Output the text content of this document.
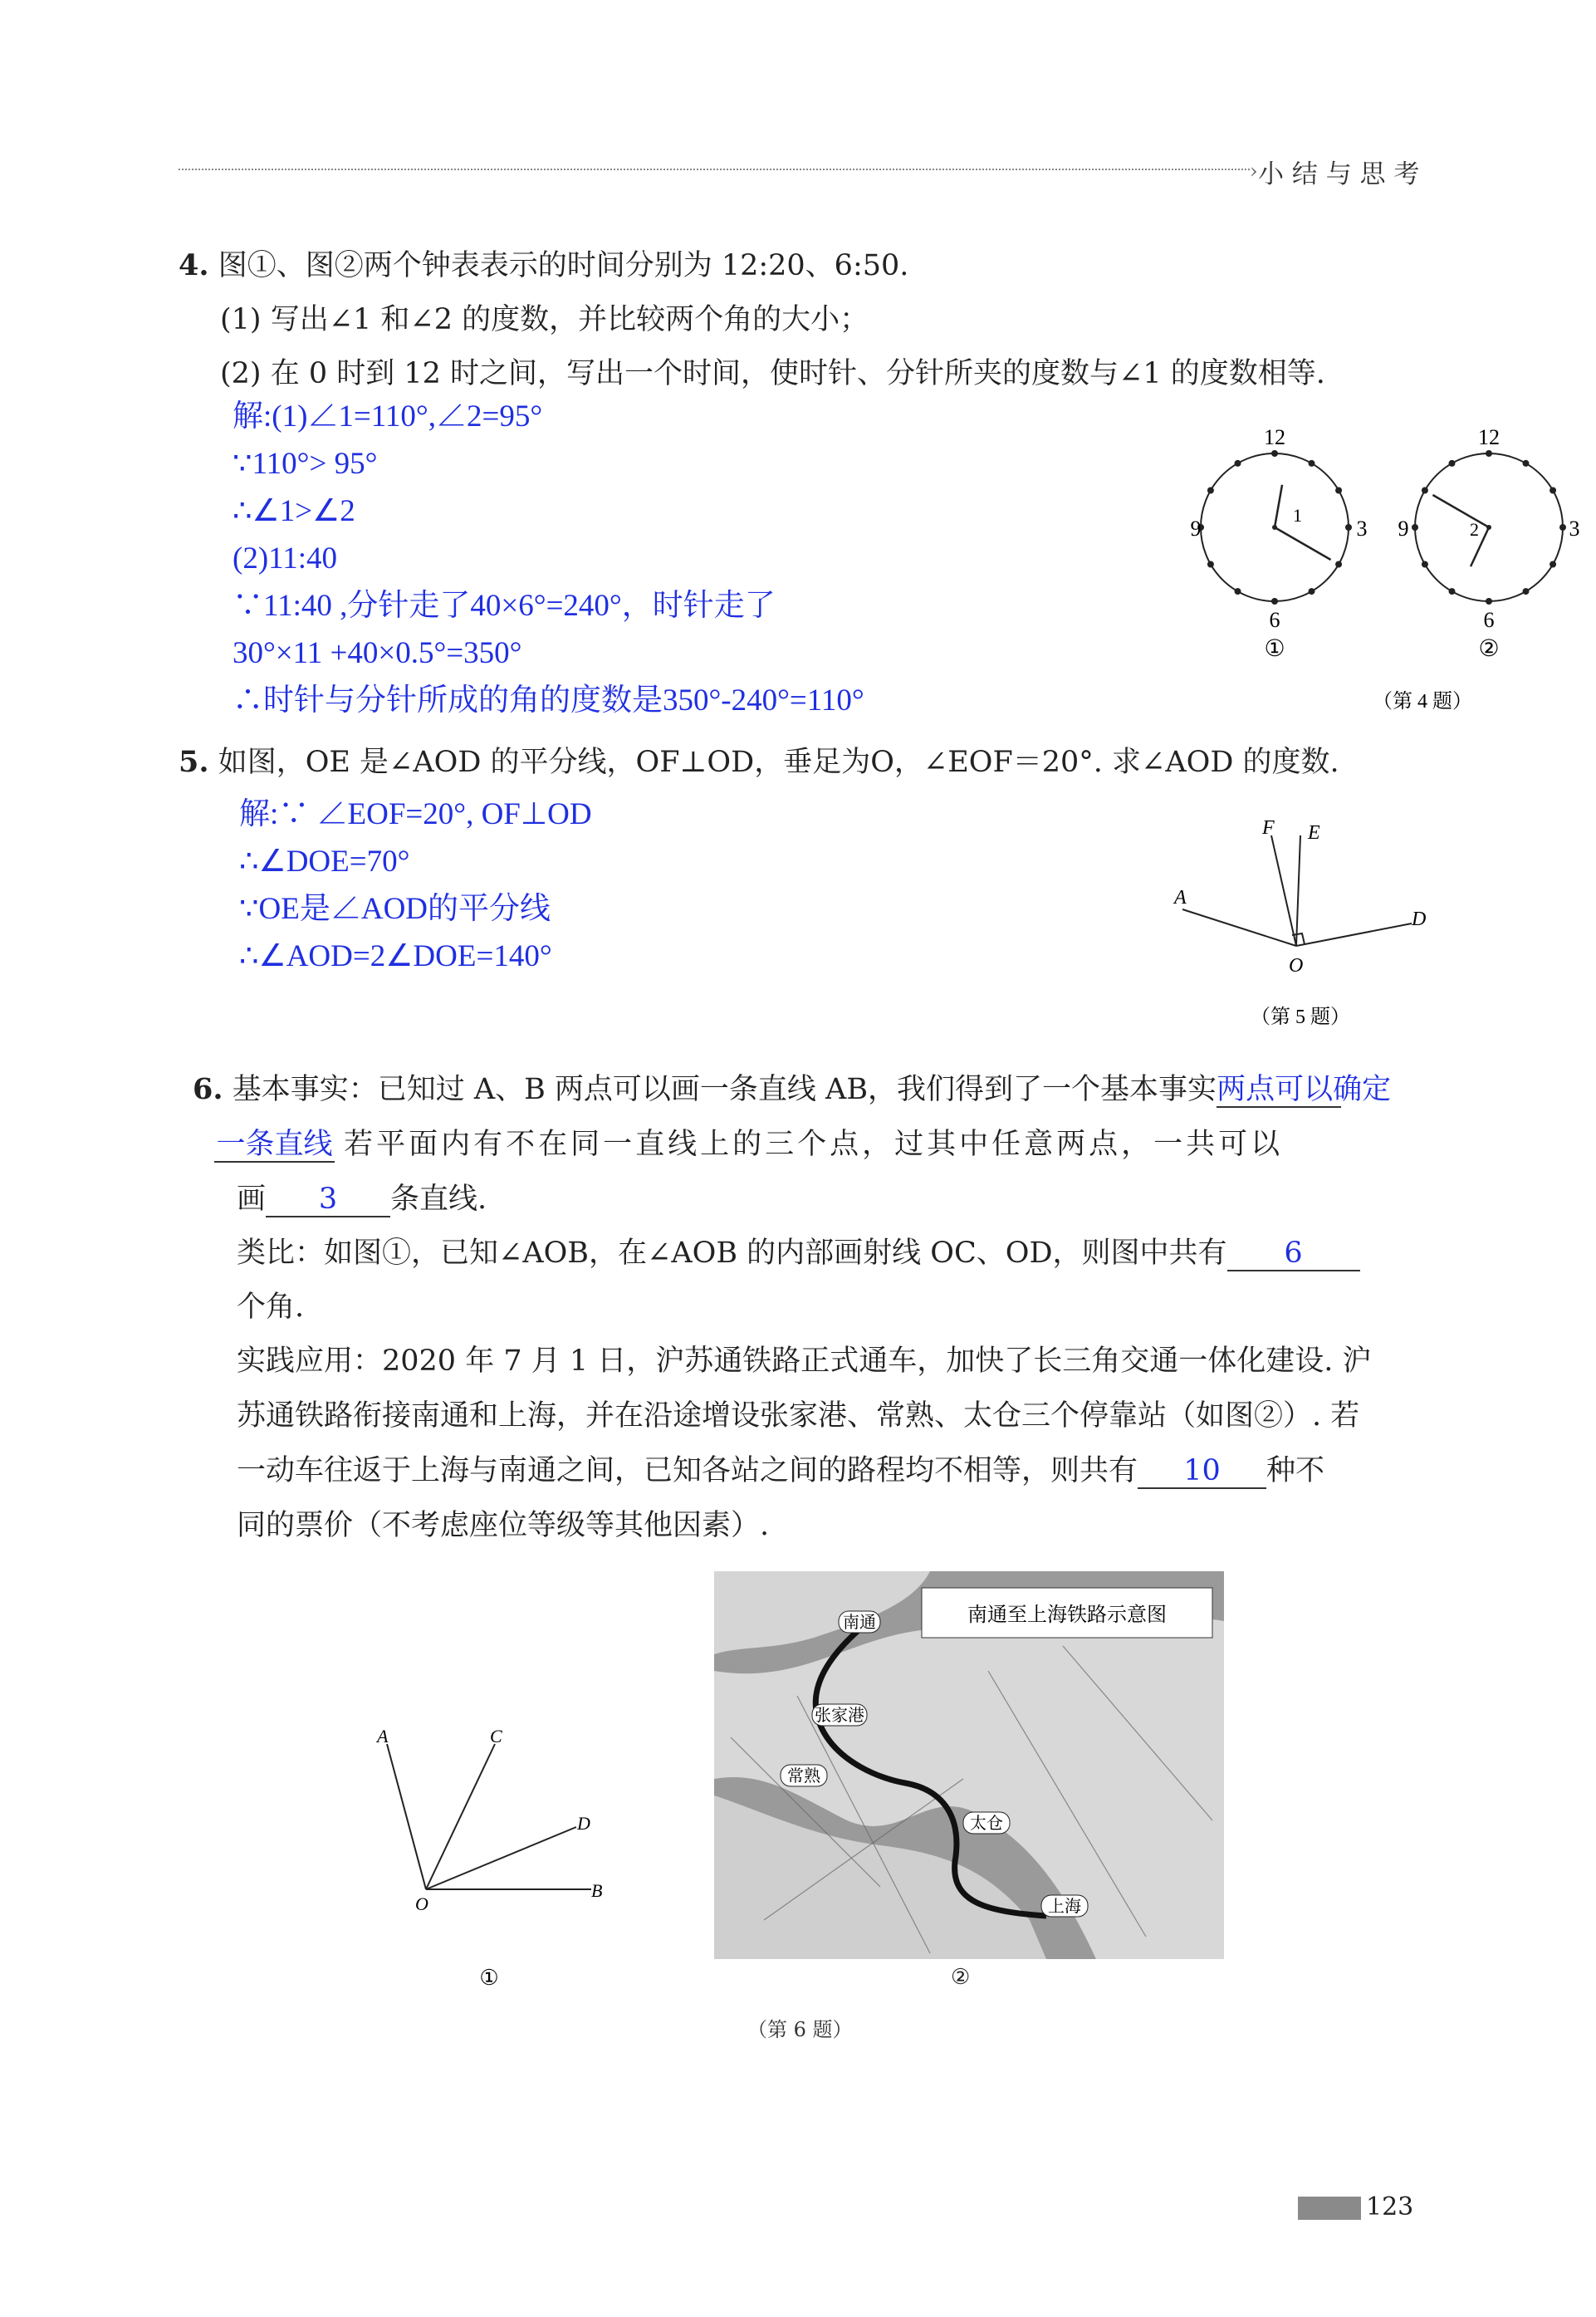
› 小 结 与 思 考
4. 图①、图②两个钟表表示的时间分别为 12:20、6:50.
(1) 写出∠1 和∠2 的度数，并比较两个角的大小；
(2) 在 0 时到 12 时之间，写出一个时间，使时针、分针所夹的度数与∠1 的度数相等.
解:(1)∠1=110°,∠2=95°
∵110°> 95°
∴∠1>∠2
(2)11:40
∵11:40 ,分针走了40×6°=240°，时针走了
30°×11 +40×0.5°=350°
∴时针与分针所成的角的度数是350°-240°=110°
12
9	3
6
1
①
12
9	3
6
2
②
（第 4 题）
5. 如图，OE 是∠AOD 的平分线，OF⊥OD，垂足为O，∠EOF＝20°. 求∠AOD 的度数.
解:∵ ∠EOF=20°, OF⊥OD
∴∠DOE=70°
∵OE是∠AOD的平分线
∴∠AOD=2∠DOE=140°
A
O
D
F E
（第 5 题）
6. 基本事实：已知过 A、B 两点可以画一条直线 AB，我们得到了一个基本事实两点可以确定
一条直线 若平面内有不在同一直线上的三个点，过其中任意两点，一共可以
画 3 条直线.
类比：如图①，已知∠AOB，在∠AOB 的内部画射线 OC、OD，则图中共有 6
个角.
实践应用：2020 年 7 月 1 日，沪苏通铁路正式通车，加快了长三角交通一体化建设. 沪
苏通铁路衔接南通和上海，并在沿途增设张家港、常熟、太仓三个停靠站（如图②）. 若
一动车往返于上海与南通之间，已知各站之间的路程均不相等，则共有 10 种不
同的票价（不考虑座位等级等其他因素）.
A	C
D
O
B
①
南通至上海铁路示意图
南通
张家港
常熟
太仓
上海
②
（第 6 题）
123
